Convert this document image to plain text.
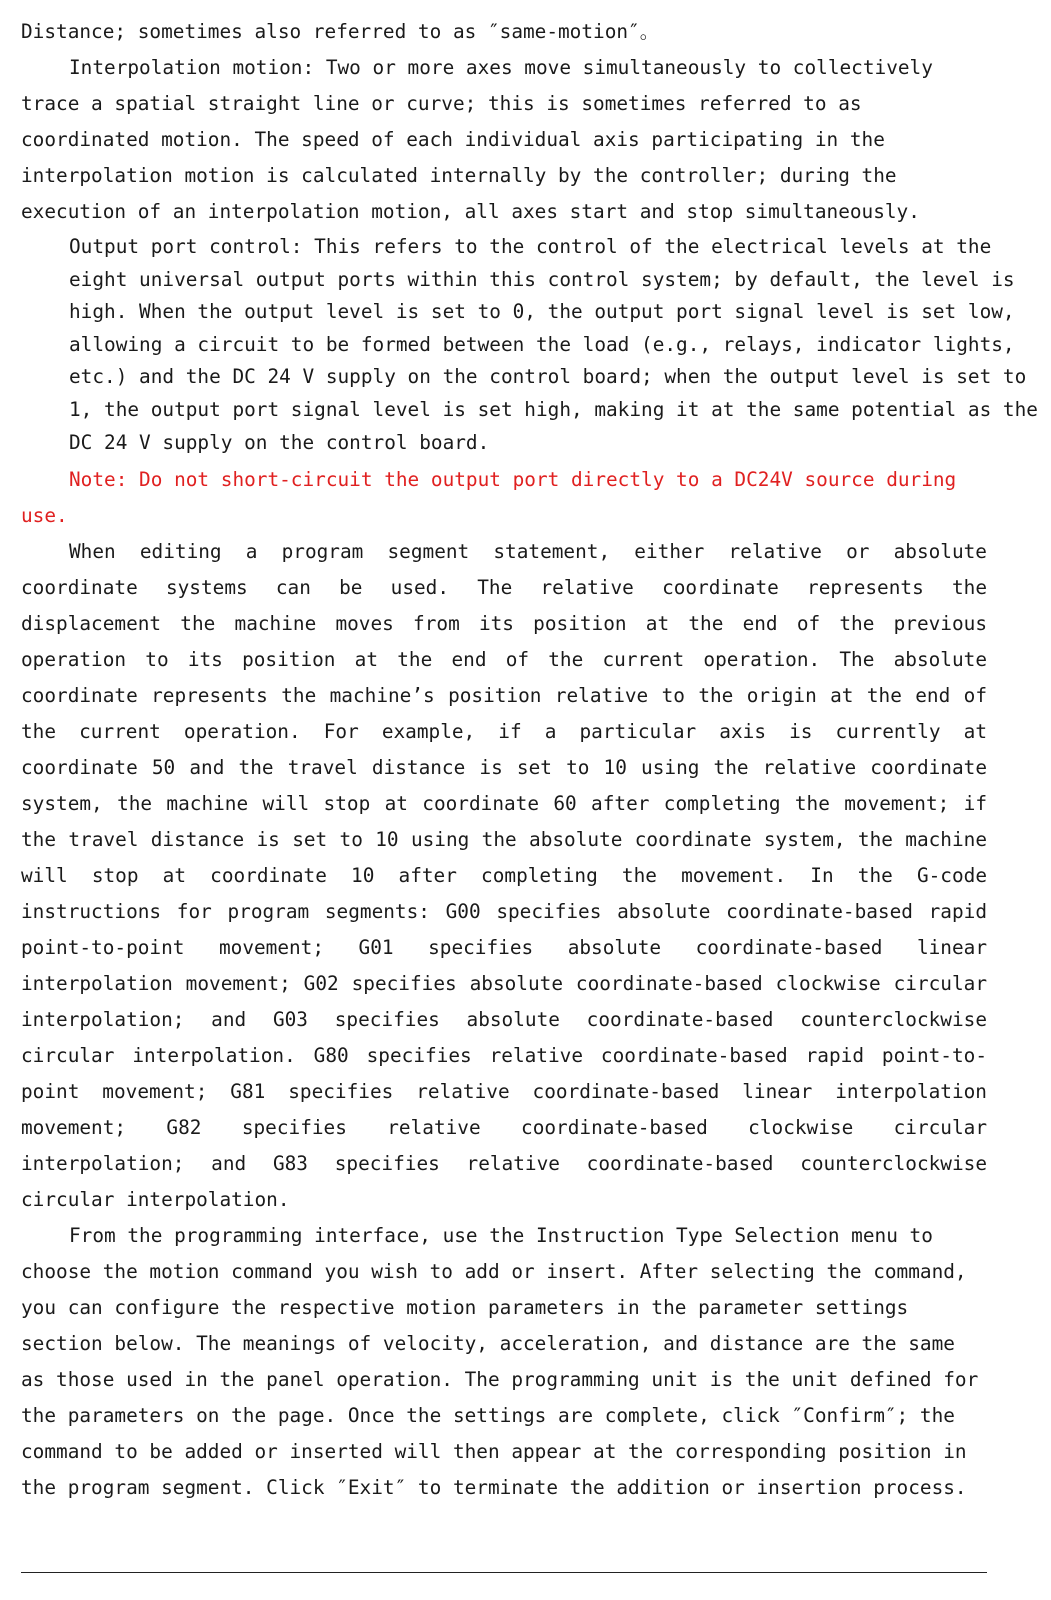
Distance; sometimes also referred to as ″same-motion″。

Interpolation motion: Two or more axes move simultaneously to collectively trace a spatial straight line or curve; this is sometimes referred to as coordinated motion. The speed of each individual axis participating in the interpolation motion is calculated internally by the controller; during the execution of an interpolation motion, all axes start and stop simultaneously.

Output port control: This refers to the control of the electrical levels at the eight universal output ports within this control system; by default, the level is high. When the output level is set to 0, the output port signal level is set low, allowing a circuit to be formed between the load (e.g., relays, indicator lights, etc.) and the DC 24 V supply on the control board; when the output level is set to 1, the output port signal level is set high, making it at the same potential as the DC 24 V supply on the control board.

Note: Do not short-circuit the output port directly to a DC24V source during use.

When editing a program segment statement, either relative or absolute coordinate systems can be used. The relative coordinate represents the displacement the machine moves from its position at the end of the previous operation to its position at the end of the current operation. The absolute coordinate represents the machine’s position relative to the origin at the end of the current operation. For example, if a particular axis is currently at coordinate 50 and the travel distance is set to 10 using the relative coordinate system, the machine will stop at coordinate 60 after completing the movement; if the travel distance is set to 10 using the absolute coordinate system, the machine will stop at coordinate 10 after completing the movement. In the G-code instructions for program segments: G00 specifies absolute coordinate-based rapid point-to-point movement; G01 specifies absolute coordinate-based linear interpolation movement; G02 specifies absolute coordinate-based clockwise circular interpolation; and G03 specifies absolute coordinate-based counterclockwise circular interpolation. G80 specifies relative coordinate-based rapid point-to-point movement; G81 specifies relative coordinate-based linear interpolation movement; G82 specifies relative coordinate-based clockwise circular interpolation; and G83 specifies relative coordinate-based counterclockwise circular interpolation.

From the programming interface, use the Instruction Type Selection menu to choose the motion command you wish to add or insert. After selecting the command, you can configure the respective motion parameters in the parameter settings section below. The meanings of velocity, acceleration, and distance are the same as those used in the panel operation. The programming unit is the unit defined for the parameters on the page. Once the settings are complete, click ″Confirm″; the command to be added or inserted will then appear at the corresponding position in the program segment. Click ″Exit″ to terminate the addition or insertion process.
